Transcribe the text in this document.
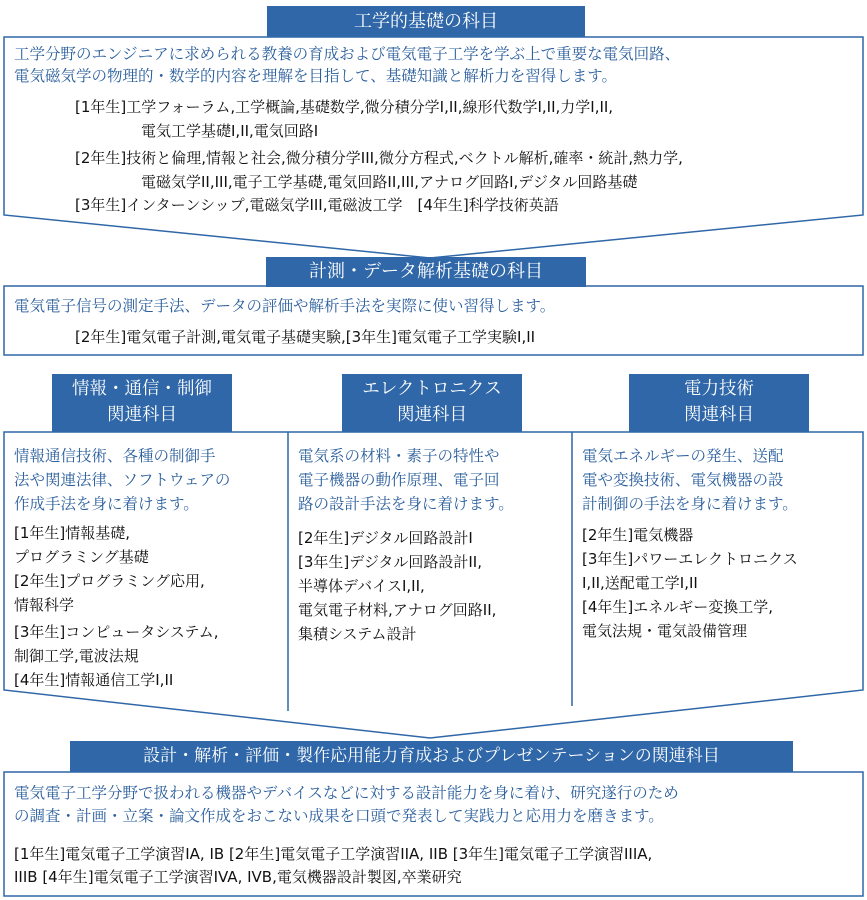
工学的基礎の科目
工学分野のエンジニアに求められる教養の育成および電気電子工学を学ぶ上で重要な電気回路、
電気磁気学の物理的・数学的内容を理解を目指して、基礎知識と解析力を習得します。
[1年生]工学フォーラム,工学概論,基礎数学,微分積分学I,II,線形代数学I,II,力学I,II,
電気工学基礎I,II,電気回路I
[2年生]技術と倫理,情報と社会,微分積分学III,微分方程式,ベクトル解析,確率・統計,熱力学,
電磁気学II,III,電子工学基礎,電気回路II,III,アナログ回路I,デジタル回路基礎
[3年生]インターンシップ,電磁気学III,電磁波工学　[4年生]科学技術英語
計測・データ解析基礎の科目
電気電子信号の測定手法、データの評価や解析手法を実際に使い習得します。
[2年生]電気電子計測,電気電子基礎実験,[3年生]電気電子工学実験I,II
情報・通信・制御
関連科目
エレクトロニクス
関連科目
電力技術
関連科目
情報通信技術、各種の制御手
法や関連法律、ソフトウェアの
作成手法を身に着けます。
[1年生]情報基礎,
プログラミング基礎
[2年生]プログラミング応用,
情報科学
[3年生]コンピュータシステム,
制御工学,電波法規
[4年生]情報通信工学I,II
電気系の材料・素子の特性や
電子機器の動作原理、電子回
路の設計手法を身に着けます。
[2年生]デジタル回路設計I
[3年生]デジタル回路設計II,
半導体デバイスI,II,
電気電子材料,アナログ回路II,
集積システム設計
電気エネルギーの発生、送配
電や変換技術、電気機器の設
計制御の手法を身に着けます。
[2年生]電気機器
[3年生]パワーエレクトロニクス
I,II,送配電工学I,II
[4年生]エネルギー変換工学,
電気法規・電気設備管理
設計・解析・評価・製作応用能力育成およびプレゼンテーションの関連科目
電気電子工学分野で扱われる機器やデバイスなどに対する設計能力を身に着け、研究遂行のため
の調査・計画・立案・論文作成をおこない成果を口頭で発表して実践力と応用力を磨きます。
[1年生]電気電子工学演習IA, IB [2年生]電気電子工学演習IIA, IIB [3年生]電気電子工学演習IIIA,
IIIB [4年生]電気電子工学演習IVA, IVB,電気機器設計製図,卒業研究
